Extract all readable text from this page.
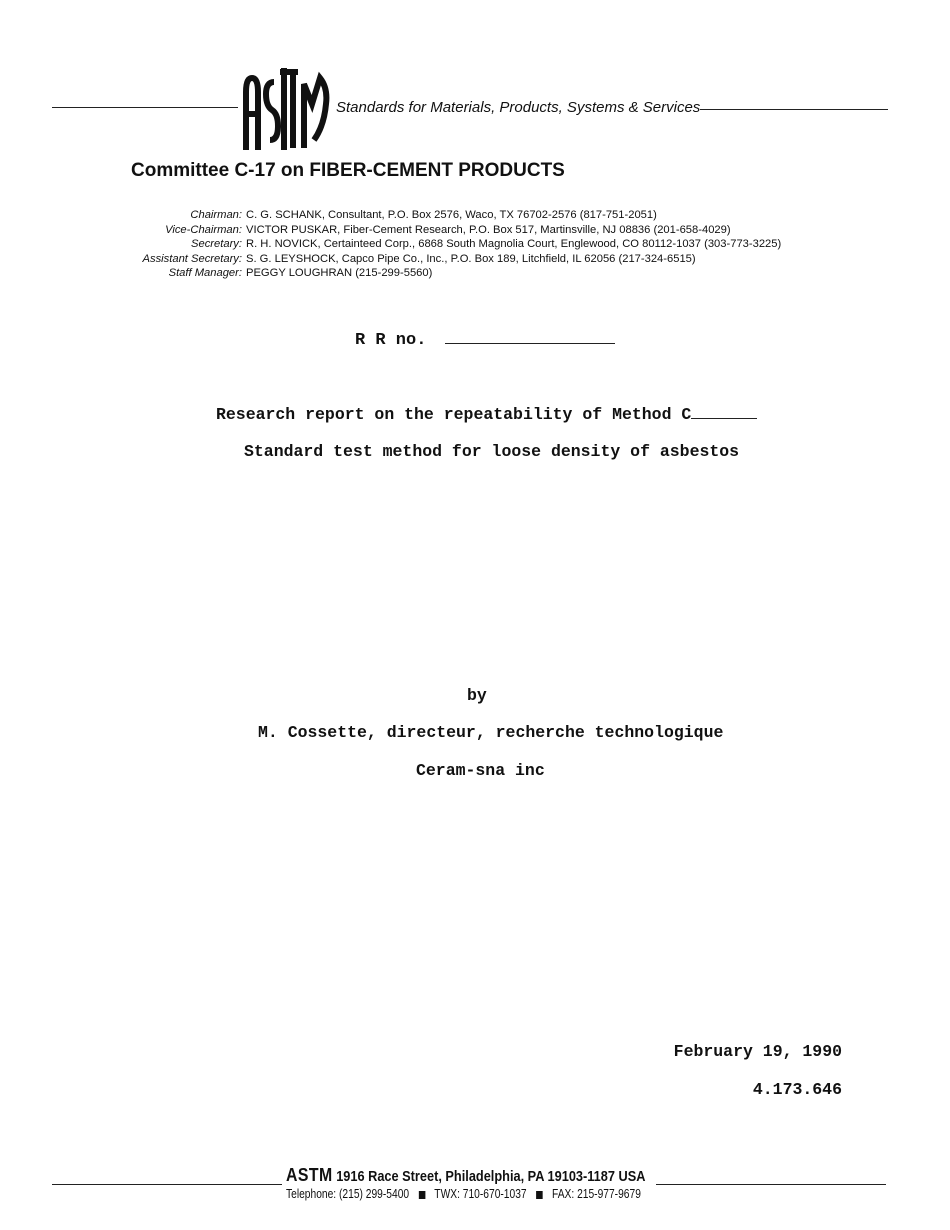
Standards for Materials, Products, Systems & Services
Committee C-17 on FIBER-CEMENT PRODUCTS
Chairman: C. G. SCHANK, Consultant, P.O. Box 2576, Waco, TX 76702-2576 (817-751-2051)
Vice-Chairman: VICTOR PUSKAR, Fiber-Cement Research, P.O. Box 517, Martinsville, NJ 08836 (201-658-4029)
Secretary: R. H. NOVICK, Certainteed Corp., 6868 South Magnolia Court, Englewood, CO 80112-1037 (303-773-3225)
Assistant Secretary: S. G. LEYSHOCK, Capco Pipe Co., Inc., P.O. Box 189, Litchfield, IL 62056 (217-324-6515)
Staff Manager: PEGGY LOUGHRAN (215-299-5560)
R R no.
Research report on the repeatability of Method C
Standard test method for loose density of asbestos
by
M. Cossette, directeur, recherche technologique
Ceram-sna inc
February 19, 1990
4.173.646
ASTM 1916 Race Street, Philadelphia, PA 19103-1187 USA
Telephone: (215) 299-5400 TWX: 710-670-1037 FAX: 215-977-9679
